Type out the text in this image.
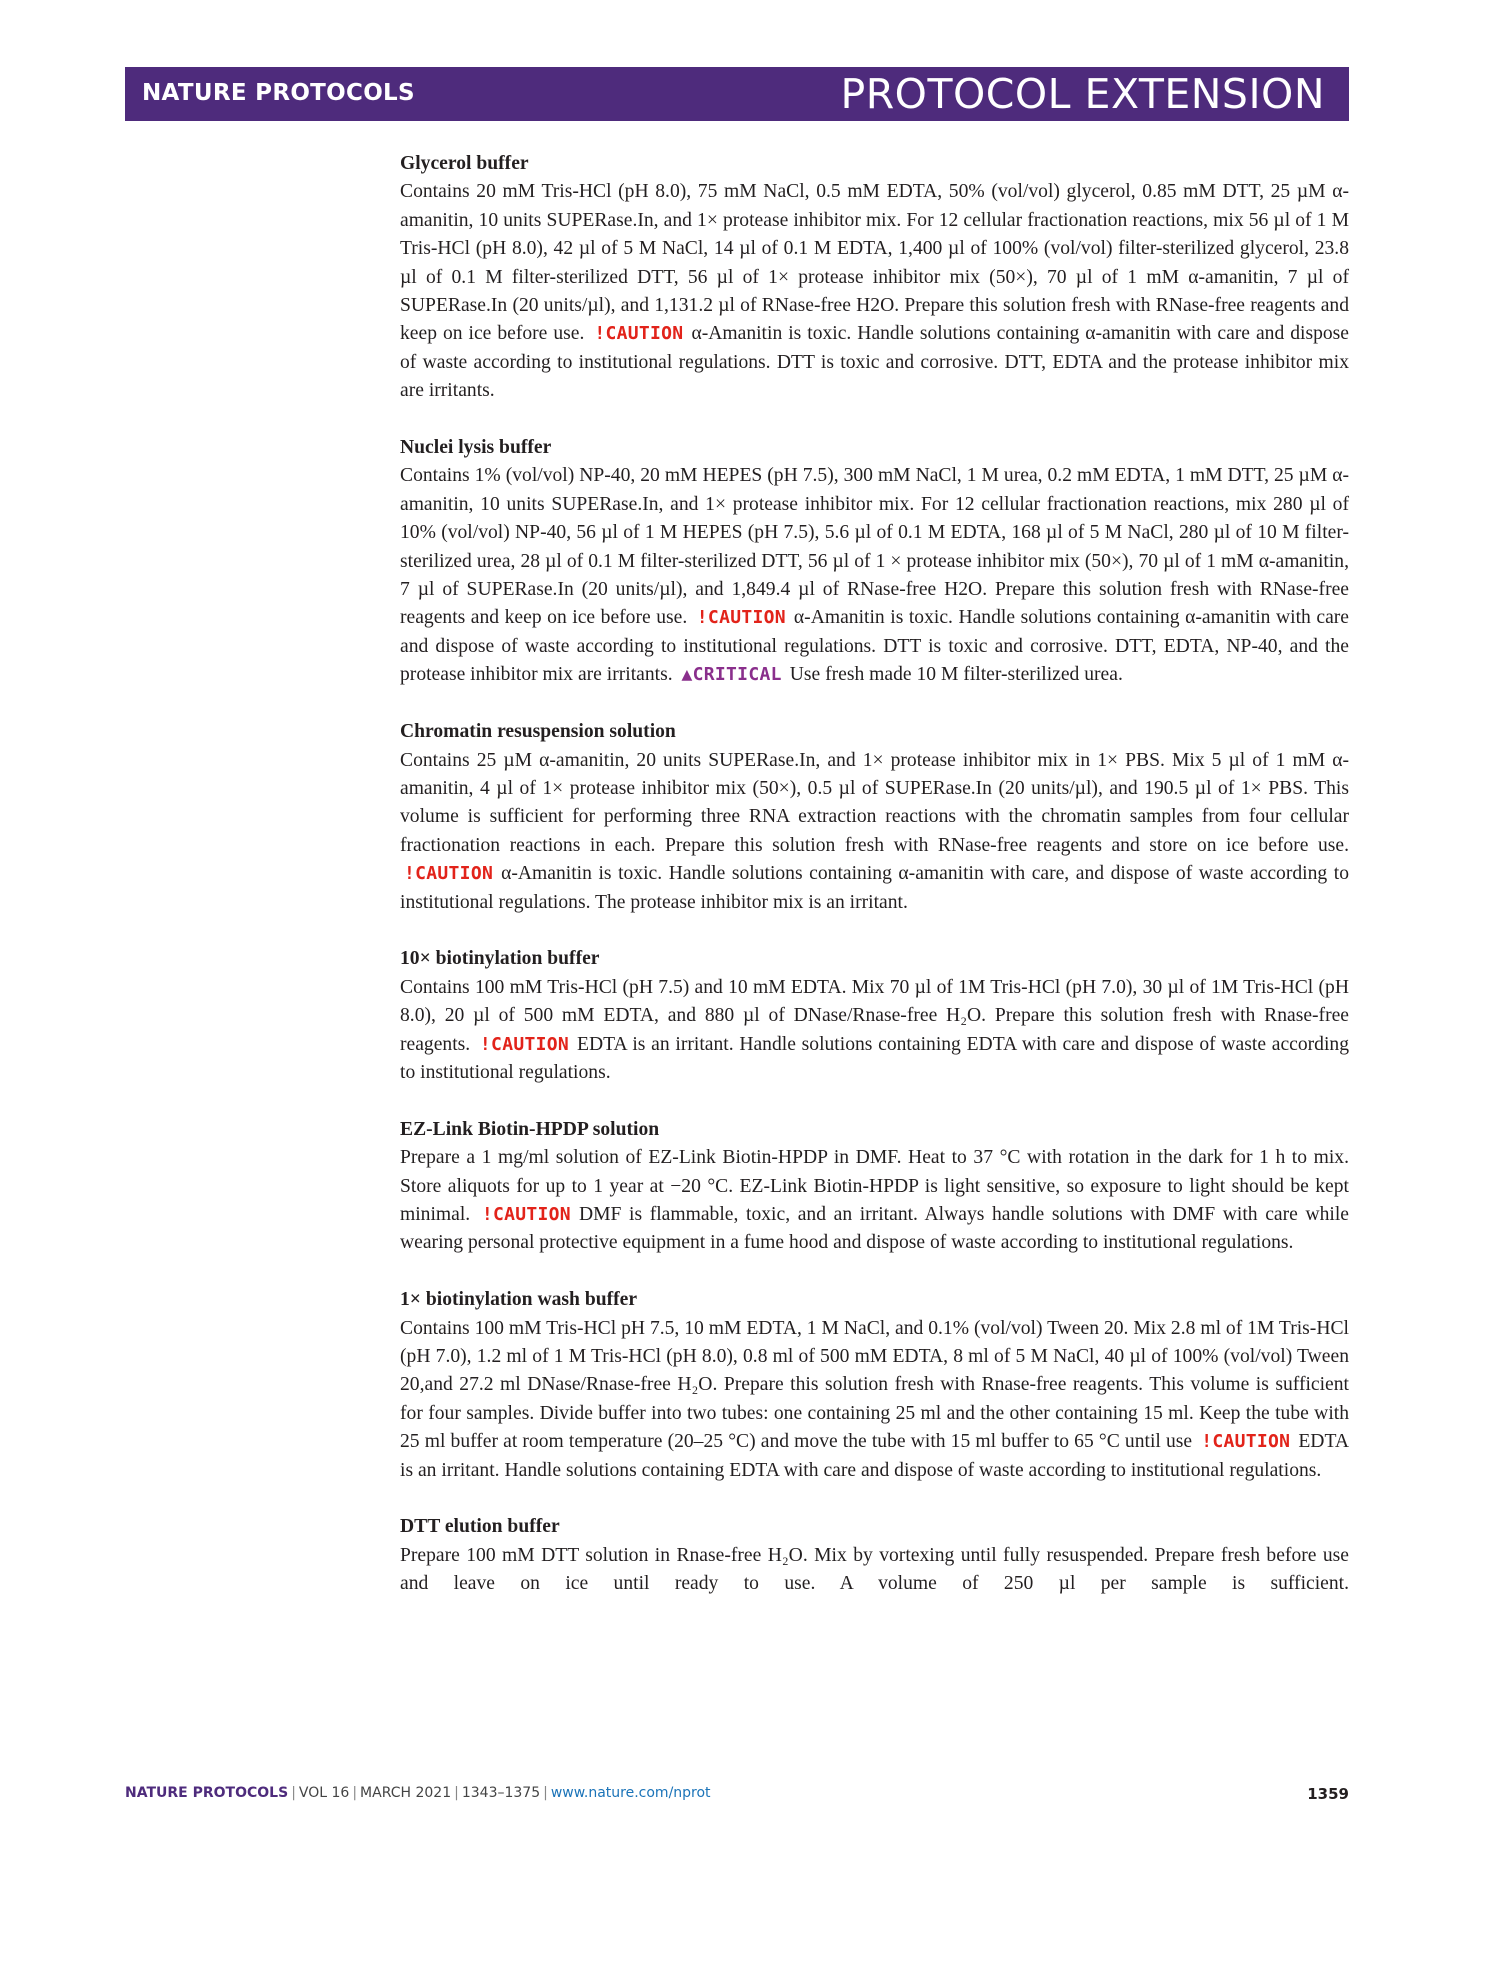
NATURE PROTOCOLS	PROTOCOL EXTENSION
Glycerol buffer
Contains 20 mM Tris-HCl (pH 8.0), 75 mM NaCl, 0.5 mM EDTA, 50% (vol/vol) glycerol, 0.85 mM DTT, 25 µM α-amanitin, 10 units SUPERase.In, and 1× protease inhibitor mix. For 12 cellular fractionation reactions, mix 56 µl of 1 M Tris-HCl (pH 8.0), 42 µl of 5 M NaCl, 14 µl of 0.1 M EDTA, 1,400 µl of 100% (vol/vol) filter-sterilized glycerol, 23.8 µl of 0.1 M filter-sterilized DTT, 56 µl of 1× protease inhibitor mix (50×), 70 µl of 1 mM α-amanitin, 7 µl of SUPERase.In (20 units/µl), and 1,131.2 µl of RNase-free H2O. Prepare this solution fresh with RNase-free reagents and keep on ice before use. !CAUTION α-Amanitin is toxic. Handle solutions containing α-amanitin with care and dispose of waste according to institutional regulations. DTT is toxic and corrosive. DTT, EDTA and the protease inhibitor mix are irritants.
Nuclei lysis buffer
Contains 1% (vol/vol) NP-40, 20 mM HEPES (pH 7.5), 300 mM NaCl, 1 M urea, 0.2 mM EDTA, 1 mM DTT, 25 µM α-amanitin, 10 units SUPERase.In, and 1× protease inhibitor mix. For 12 cellular fractionation reactions, mix 280 µl of 10% (vol/vol) NP-40, 56 µl of 1 M HEPES (pH 7.5), 5.6 µl of 0.1 M EDTA, 168 µl of 5 M NaCl, 280 µl of 10 M filter-sterilized urea, 28 µl of 0.1 M filter-sterilized DTT, 56 µl of 1 × protease inhibitor mix (50×), 70 µl of 1 mM α-amanitin, 7 µl of SUPERase.In (20 units/µl), and 1,849.4 µl of RNase-free H2O. Prepare this solution fresh with RNase-free reagents and keep on ice before use. !CAUTION α-Amanitin is toxic. Handle solutions containing α-amanitin with care and dispose of waste according to institutional regulations. DTT is toxic and corrosive. DTT, EDTA, NP-40, and the protease inhibitor mix are irritants. ▲CRITICAL Use fresh made 10 M filter-sterilized urea.
Chromatin resuspension solution
Contains 25 µM α-amanitin, 20 units SUPERase.In, and 1× protease inhibitor mix in 1× PBS. Mix 5 µl of 1 mM α-amanitin, 4 µl of 1× protease inhibitor mix (50×), 0.5 µl of SUPERase.In (20 units/µl), and 190.5 µl of 1× PBS. This volume is sufficient for performing three RNA extraction reactions with the chromatin samples from four cellular fractionation reactions in each. Prepare this solution fresh with RNase-free reagents and store on ice before use. !CAUTION α-Amanitin is toxic. Handle solutions containing α-amanitin with care, and dispose of waste according to institutional regulations. The protease inhibitor mix is an irritant.
10× biotinylation buffer
Contains 100 mM Tris-HCl (pH 7.5) and 10 mM EDTA. Mix 70 µl of 1M Tris-HCl (pH 7.0), 30 µl of 1M Tris-HCl (pH 8.0), 20 µl of 500 mM EDTA, and 880 µl of DNase/Rnase-free H₂O. Prepare this solution fresh with Rnase-free reagents. !CAUTION EDTA is an irritant. Handle solutions containing EDTA with care and dispose of waste according to institutional regulations.
EZ-Link Biotin-HPDP solution
Prepare a 1 mg/ml solution of EZ-Link Biotin-HPDP in DMF. Heat to 37 °C with rotation in the dark for 1 h to mix. Store aliquots for up to 1 year at −20 °C. EZ-Link Biotin-HPDP is light sensitive, so exposure to light should be kept minimal. !CAUTION DMF is flammable, toxic, and an irritant. Always handle solutions with DMF with care while wearing personal protective equipment in a fume hood and dispose of waste according to institutional regulations.
1× biotinylation wash buffer
Contains 100 mM Tris-HCl pH 7.5, 10 mM EDTA, 1 M NaCl, and 0.1% (vol/vol) Tween 20. Mix 2.8 ml of 1M Tris-HCl (pH 7.0), 1.2 ml of 1 M Tris-HCl (pH 8.0), 0.8 ml of 500 mM EDTA, 8 ml of 5 M NaCl, 40 µl of 100% (vol/vol) Tween 20,and 27.2 ml DNase/Rnase-free H₂O. Prepare this solution fresh with Rnase-free reagents. This volume is sufficient for four samples. Divide buffer into two tubes: one containing 25 ml and the other containing 15 ml. Keep the tube with 25 ml buffer at room temperature (20–25 °C) and move the tube with 15 ml buffer to 65 °C until use !CAUTION EDTA is an irritant. Handle solutions containing EDTA with care and dispose of waste according to institutional regulations.
DTT elution buffer
Prepare 100 mM DTT solution in Rnase-free H₂O. Mix by vortexing until fully resuspended. Prepare fresh before use and leave on ice until ready to use. A volume of 250 µl per sample is sufficient.
NATURE PROTOCOLS | VOL 16 | MARCH 2021 | 1343–1375 | www.nature.com/nprot	1359
